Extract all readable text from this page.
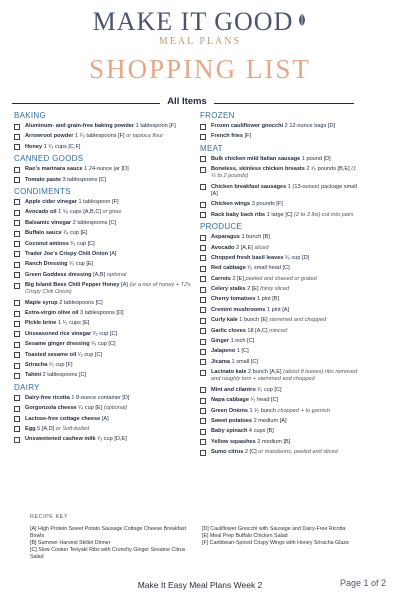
MAKE IT GOOD
MEAL PLANS
SHOPPING LIST
All Items
BAKING
Aluminum- and grain-free baking powder 1 tablespoon [F]
Arrowroot powder 1 ¹⁄₃ tablespoons [F] or tapioca flour
Honey 1 ¹⁄₃ cups [C,F]
CANNED GOODS
Rao's marinara sauce 1 24-ounce jar [D]
Tomato paste 3 tablespoons [C]
CONDIMENTS
Apple cider vinegar 1 tablespoon [F]
Avocado oil 1 ⁵⁄₈ cups [A,B,C] or ghee
Balsamic vinegar 2 tablespoons [C]
Buffalo sauce ¹⁄₄ cup [E]
Coconut aminos ²⁄₃ cup [C]
Trader Joe's Crispy Chili Onion [A]
Ranch Dressing ¹⁄₃ cup [E]
Green Goddess dressing [A,B] optional
Big Island Bees Chili Pepper Honey [A] (or a mix of honey + TJ's Crispy Chili Onion)
Maple syrup 2 tablespoons [C]
Extra-virgin olive oil 3 tablespoons [D]
Pickle brine 1 ¹⁄₂ cups [E]
Unseasoned rice vinegar ¹⁄₂ cup [C]
Sesame ginger dressing ¹⁄₃ cup [C]
Toasted sesame oil ¹⁄₃ cup [C]
Sriracha ¹⁄₂ cup [F]
Tahini 2 tablespoons [C]
DAIRY
Dairy-free ricotta 1 8-ounce container [D]
Gorgonzola cheese ¹⁄₄ cup [E] (optional)
Lactose-free cottage cheese [A]
Egg 5 [A,D] or Soft-boiled
Unsweetened cashew milk ¹⁄₃ cup [D,E]
FROZEN
Frozen cauliflower gnocchi 2 12-ounce bags [D]
French fries [F]
MEAT
Bulk chicken mild Italian sausage 1 pound [D]
Boneless, skinless chicken breasts 2 ¹⁄₂ pounds [B,E] (1 ½ to 2 pounds)
Chicken breakfast sausages 1 (13-ounce) package small [A]
Chicken wings 3 pounds [F]
Rack baby back ribs 1 large [C] (2 to 3 lbs) cut into pairs
PRODUCE
Asparagus 1 bunch [B]
Avocado 2 [A,E] sliced
Chopped fresh basil leaves ¹⁄₂ cup [D]
Red cabbage ¹⁄₂ small head [C]
Carrots 2 [E] peeled and shaved or grated
Celery stalks 2 [E] thinly sliced
Cherry tomatoes 1 pint [B]
Cremini mushrooms 1 pint [A]
Curly kale 1 bunch [E] stemmed and chopped
Garlic cloves 18 [A,C] minced
Ginger 1 inch [C]
Jalapeno 1 [C]
Jicama 1 small [C]
Lacinato kale 2 bunch [A,E] (about 8 leaves) ribs removed and roughly torn + stemmed and chopped
Mint and cilantro ¹⁄₂ cup [C]
Napa cabbage ¹⁄₂ head [C]
Green Onions 1 ¹⁄₂ bunch chopped + to garnish
Sweet potatoes 2 medium [A]
Baby spinach 4 cups [B]
Yellow squashes 2 medium [B]
Sumo citrus 2 [C] or mandarins, peeled and sliced
RECIPE KEY
[A] High Protein Sweet Potato Sausage Cottage Cheese Breakfast Bowls
[B] Summer Harvest Skillet Dinner
[C] Slow Cooker Teriyaki Ribs with Crunchy Ginger Sesame Citrus Salad
[D] Cauliflower Gnocchi with Sausage and Dairy-Free Ricotta
[E] Meal Prep Buffalo Chicken Salad
[F] Caribbean-Spiced Crispy Wings with Honey Sriracha Glaze
Make It Easy Meal Plans Week 2	Page 1 of 2
